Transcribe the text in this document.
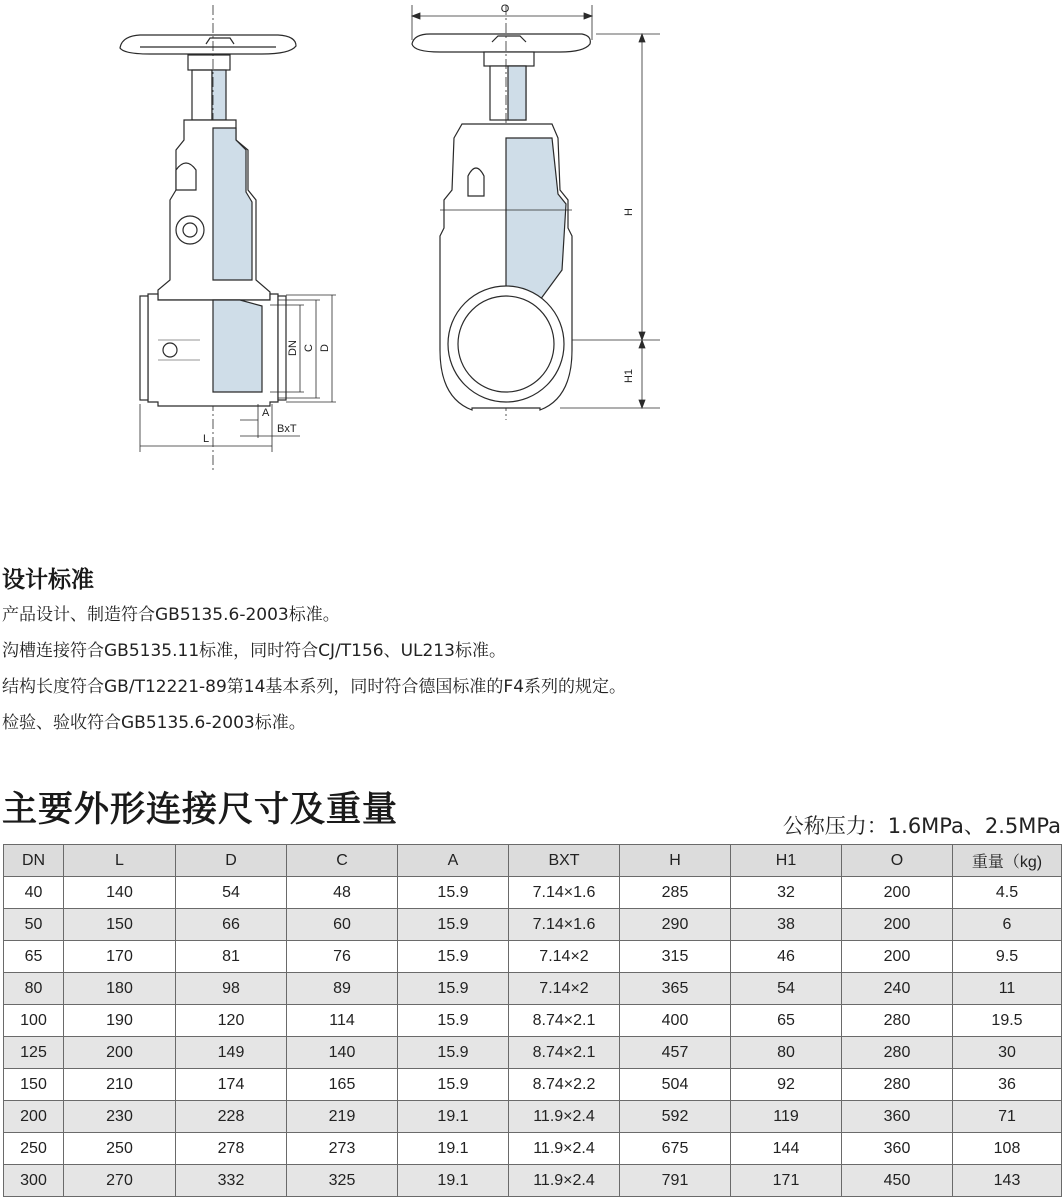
DN C D
A
BxT
L
O
H
H1
设计标准
产品设计、制造符合GB5135.6-2003标准。
沟槽连接符合GB5135.11标准，同时符合CJ/T156、UL213标准。
结构长度符合GB/T12221-89第14基本系列，同时符合德国标准的F4系列的规定。
检验、验收符合GB5135.6-2003标准。
主要外形连接尺寸及重量	公称压力：1.6MPa、2.5MPa
DN	L	D	C	A	BXT	H	H1	O	重量（kg)
40	140	54	48	15.9	7.14×1.6	285	32	200	4.5
50	150	66	60	15.9	7.14×1.6	290	38	200	6
65	170	81	76	15.9	7.14×2	315	46	200	9.5
80	180	98	89	15.9	7.14×2	365	54	240	11
100	190	120	114	15.9	8.74×2.1	400	65	280	19.5
125	200	149	140	15.9	8.74×2.1	457	80	280	30
150	210	174	165	15.9	8.74×2.2	504	92	280	36
200	230	228	219	19.1	11.9×2.4	592	119	360	71
250	250	278	273	19.1	11.9×2.4	675	144	360	108
300	270	332	325	19.1	11.9×2.4	791	171	450	143
